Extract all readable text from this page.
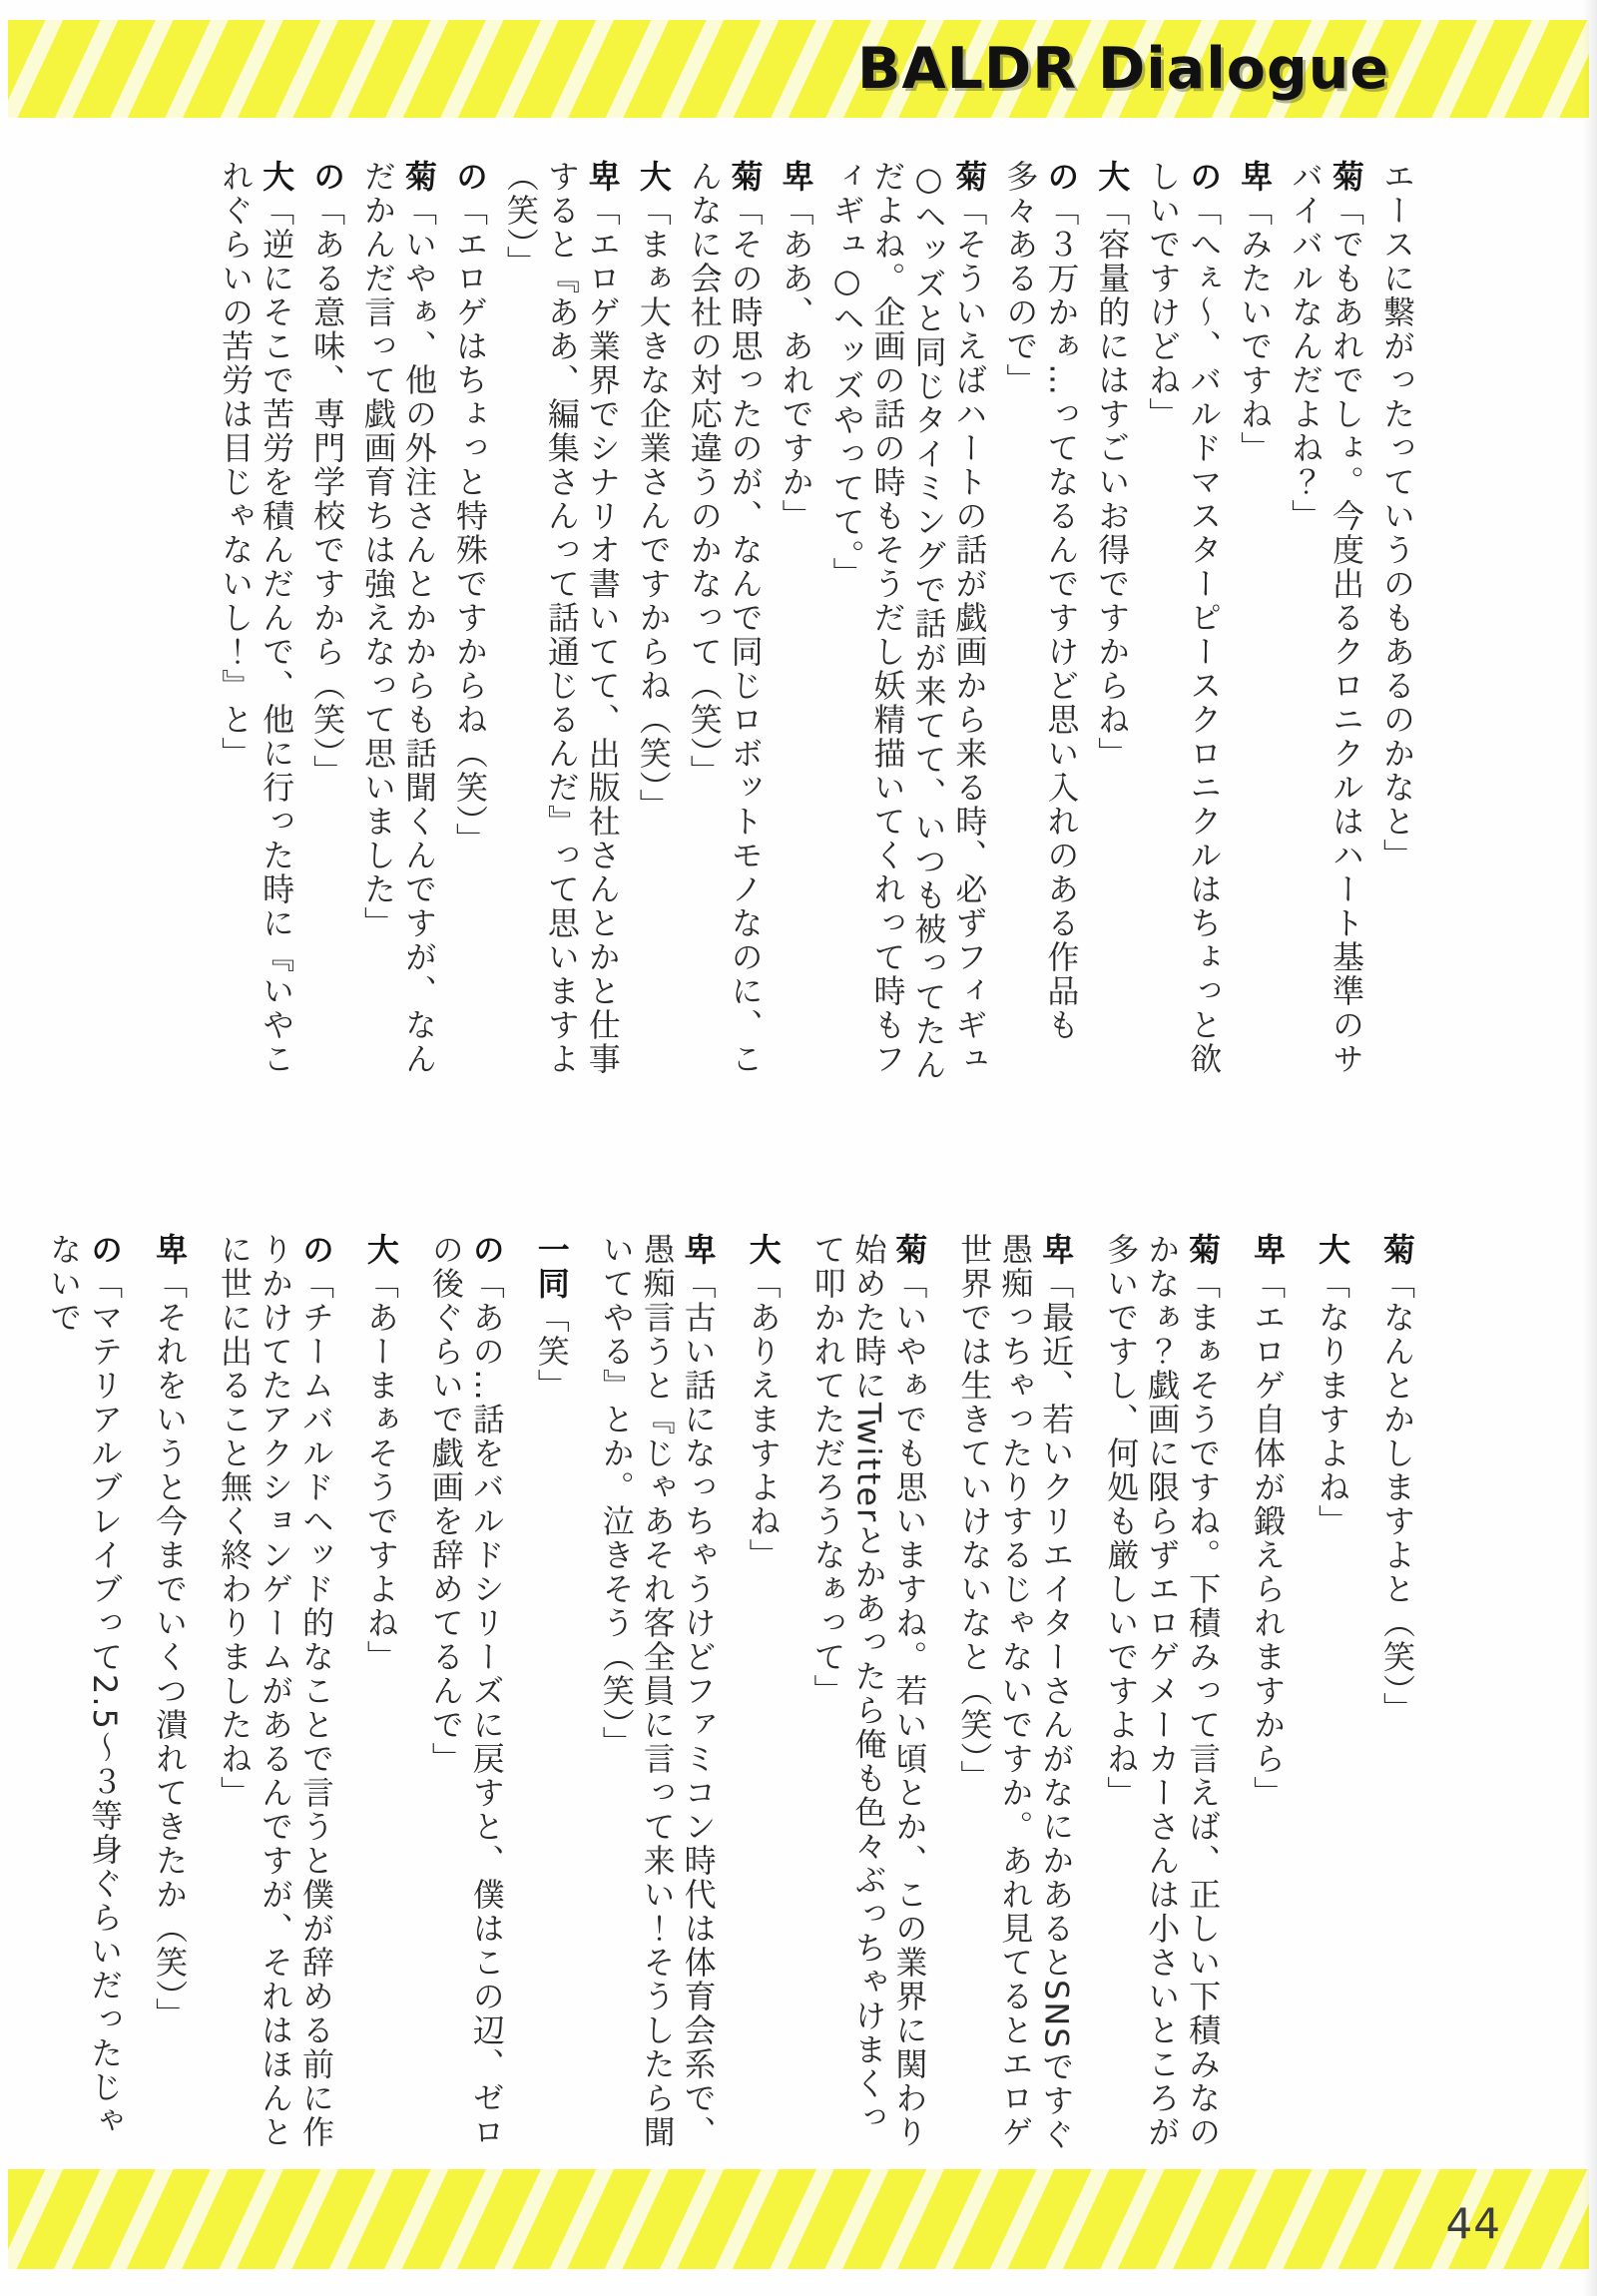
BALDR Dialogue

エースに繋がったっていうのもあるのかなと」

菊「でもあれでしょ。今度出るクロニクルはハート基準のサバイバルなんだよね？」

卑「みたいですね」

の「へぇ〜、バルドマスターピースクロニクルはちょっと欲しいですけどね」

大「容量的にはすごいお得ですからね」

の「３万かぁ…ってなるんですけど思い入れのある作品も多々あるので」

菊「そういえばハートの話が戯画から来る時、必ずフィギュ○ヘッズと同じタイミングで話が来てて、いつも被ってたんだよね。企画の話の時もそうだし妖精描いてくれって時もフィギュ○ヘッズやってて。」

卑「ああ、あれですか」

菊「その時思ったのが、なんで同じロボットモノなのに、こんなに会社の対応違うのかなって（笑）」

大「まぁ大きな企業さんですからね（笑）」

卑「エロゲ業界でシナリオ書いてて、出版社さんとかと仕事すると『ああ、編集さんって話通じるんだ』って思いますよ（笑）」

の「エロゲはちょっと特殊ですからね（笑）」

菊「いやぁ、他の外注さんとかからも話聞くんですが、なんだかんだ言って戯画育ちは強えなって思いました」

の「ある意味、専門学校ですから（笑）」

大「逆にそこで苦労を積んだんで、他に行った時に『いやこれぐらいの苦労は目じゃないし！』と」

菊「なんとかしますよと（笑）」

大「なりますよね」

卑「エロゲ自体が鍛えられますから」

菊「まぁそうですね。下積みって言えば、正しい下積みなのかなぁ？戯画に限らずエロゲメーカーさんは小さいところが多いですし、何処も厳しいですよね」

卑「最近、若いクリエイターさんがなにかあるとSNSですぐ愚痴っちゃったりするじゃないですか。あれ見てるとエロゲ世界では生きていけないなと（笑）」

菊「いやぁでも思いますね。若い頃とか、この業界に関わり始めた時にTwitterとかあったら俺も色々ぶっちゃけまくって叩かれてただろうなぁって」

大「ありえますよね」

卑「古い話になっちゃうけどファミコン時代は体育会系で、愚痴言うと『じゃあそれ客全員に言って来い！そうしたら聞いてやる』とか。泣きそう（笑）」

一同「笑」

の「あの…話をバルドシリーズに戻すと、僕はこの辺、ゼロの後ぐらいで戯画を辞めてるんで」

大「あーまぁそうですよね」

の「チームバルドヘッド的なことで言うと僕が辞める前に作りかけてたアクションゲームがあるんですが、それはほんとに世に出ること無く終わりましたね」

卑「それをいうと今までいくつ潰れてきたか（笑）」

の「マテリアルブレイブって2.5〜３等身ぐらいだったじゃないで

44
